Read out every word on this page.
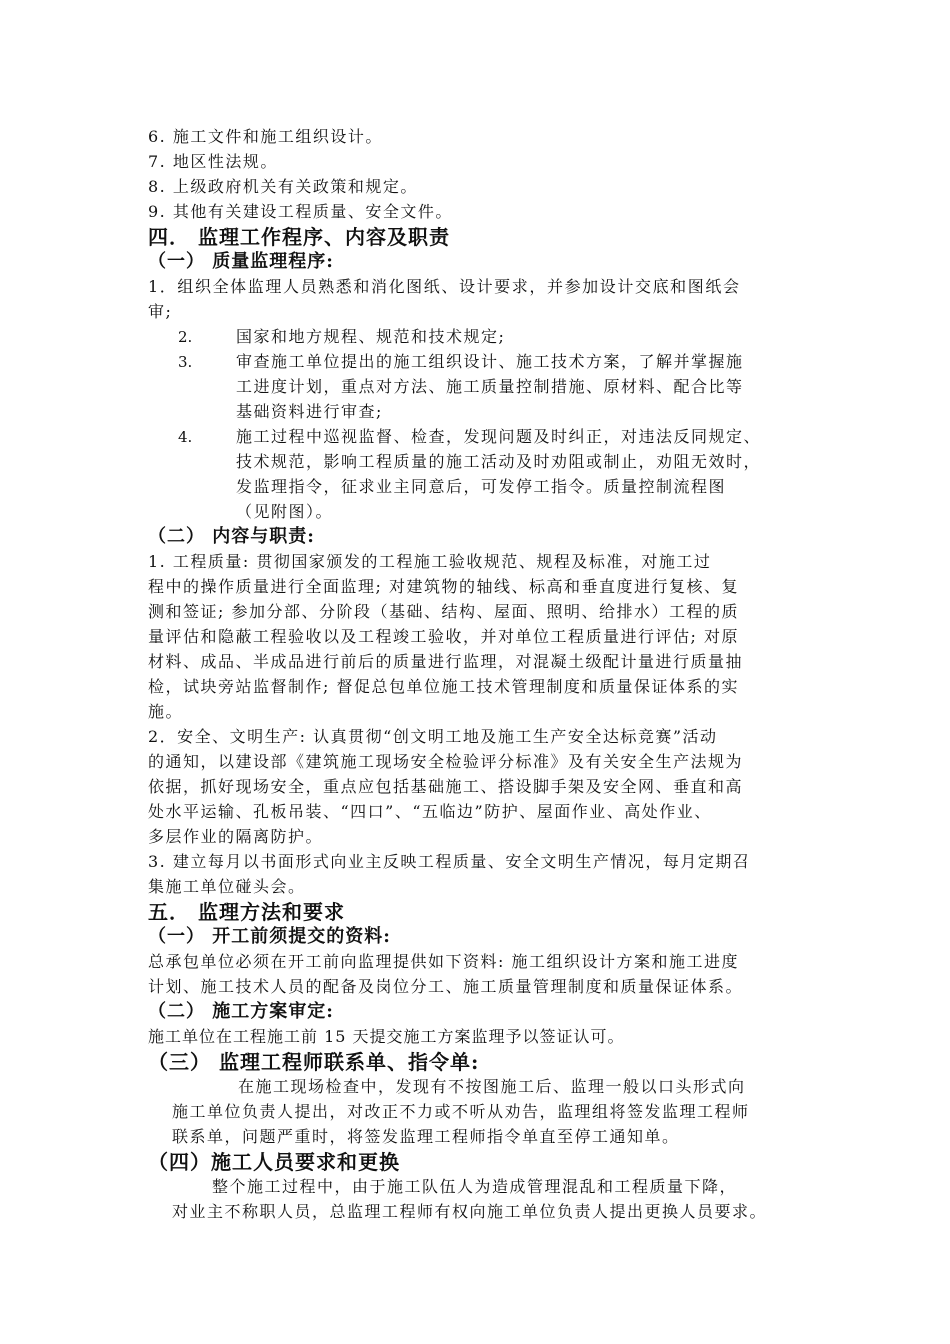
6. 施工文件和施工组织设计。
7. 地区性法规。
8. 上级政府机关有关政策和规定。
9. 其他有关建设工程质量、安全文件。
四． 监理工作程序、内容及职责
（一） 质量监理程序:
1．组织全体监理人员熟悉和消化图纸、设计要求，并参加设计交底和图纸会
审;
2.	国家和地方规程、规范和技术规定;
3.	审查施工单位提出的施工组织设计、施工技术方案，了解并掌握施
工进度计划，重点对方法、施工质量控制措施、原材料、配合比等
基础资料进行审查;
4.	施工过程中巡视监督、检查，发现问题及时纠正，对违法反同规定、
技术规范，影响工程质量的施工活动及时劝阻或制止，劝阻无效时，
发监理指令，征求业主同意后，可发停工指令。质量控制流程图
（见附图）。
（二） 内容与职责:
1. 工程质量: 贯彻国家颁发的工程施工验收规范、规程及标准，对施工过
程中的操作质量进行全面监理; 对建筑物的轴线、标高和垂直度进行复核、复
测和签证; 参加分部、分阶段（基础、结构、屋面、照明、给排水）工程的质
量评估和隐蔽工程验收以及工程竣工验收，并对单位工程质量进行评估; 对原
材料、成品、半成品进行前后的质量进行监理，对混凝土级配计量进行质量抽
检，试块旁站监督制作; 督促总包单位施工技术管理制度和质量保证体系的实
施。
2．安全、文明生产: 认真贯彻“创文明工地及施工生产安全达标竞赛”活动
的通知，以建设部《建筑施工现场安全检验评分标准》及有关安全生产法规为
依据，抓好现场安全，重点应包括基础施工、搭设脚手架及安全网、垂直和高
处水平运输、孔板吊装、“四口”、“五临边”防护、屋面作业、高处作业、
多层作业的隔离防护。
3. 建立每月以书面形式向业主反映工程质量、安全文明生产情况，每月定期召
集施工单位碰头会。
五． 监理方法和要求
（一） 开工前须提交的资料:
总承包单位必须在开工前向监理提供如下资料: 施工组织设计方案和施工进度
计划、施工技术人员的配备及岗位分工、施工质量管理制度和质量保证体系。
（二） 施工方案审定:
施工单位在工程施工前 15 天提交施工方案监理予以签证认可。
（三） 监理工程师联系单、指令单:
在施工现场检查中，发现有不按图施工后、监理一般以口头形式向
施工单位负责人提出，对改正不力或不听从劝告，监理组将签发监理工程师
联系单，问题严重时，将签发监理工程师指令单直至停工通知单。
（四）施工人员要求和更换
整个施工过程中，由于施工队伍人为造成管理混乱和工程质量下降，
对业主不称职人员，总监理工程师有权向施工单位负责人提出更换人员要求。
